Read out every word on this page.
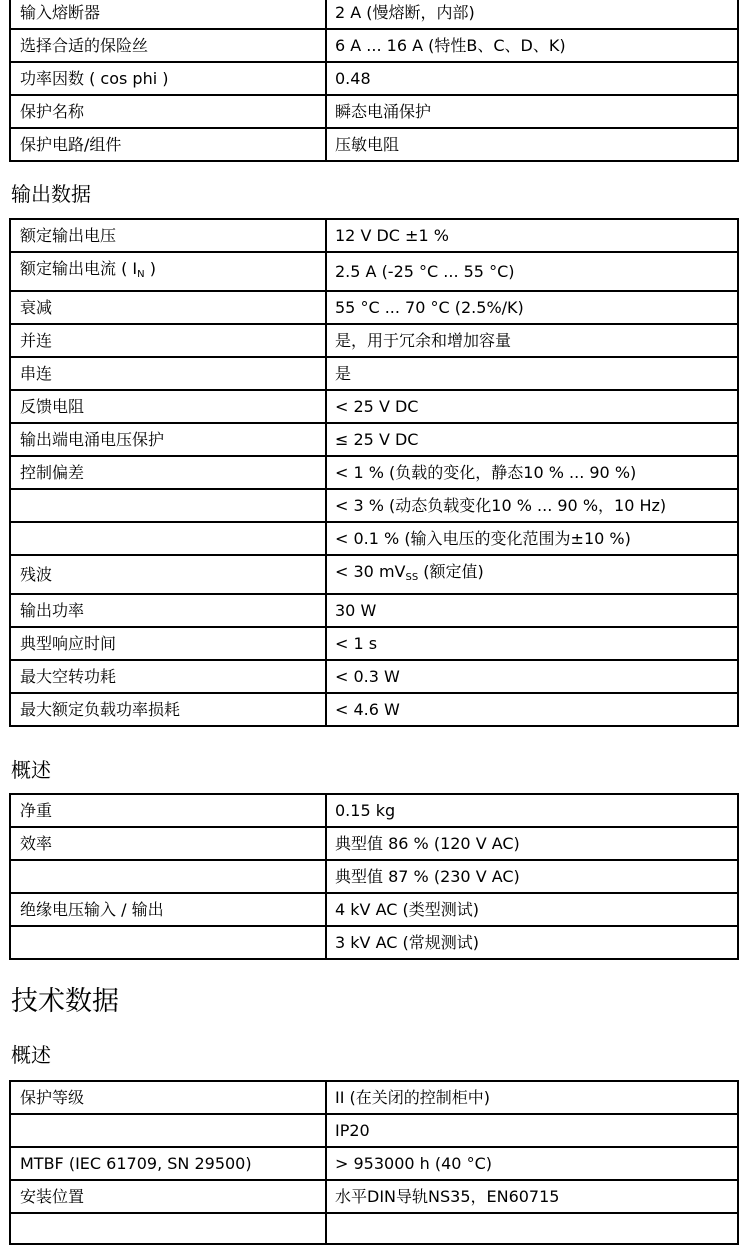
输入熔断器	2 A (慢熔断，内部)
选择合适的保险丝	6 A ... 16 A (特性B、C、D、K)
功率因数 ( cos phi )	0.48
保护名称	瞬态电涌保护
保护电路/组件	压敏电阻
输出数据
额定输出电压	12 V DC ±1 %
额定输出电流 ( $I_N$ )	2.5 A (-25 °C ... 55 °C)
衰减	55 °C ... 70 °C (2.5%/K)
并连	是，用于冗余和增加容量
串连	是
反馈电阻	< 25 V DC
输出端电涌电压保护	≤ 25 V DC
控制偏差	< 1 % (负载的变化，静态10 % ... 90 %)
	< 3 % (动态负载变化10 % ... 90 %，10 Hz)
	< 0.1 % (输入电压的变化范围为±10 %)
残波	< 30 $mV_{SS}$ (额定值)
输出功率	30 W
典型响应时间	< 1 s
最大空转功耗	< 0.3 W
最大额定负载功率损耗	< 4.6 W
概述
净重	0.15 kg
效率	典型值 86 % (120 V AC)
	典型值 87 % (230 V AC)
绝缘电压输入 / 输出	4 kV AC (类型测试)
	3 kV AC (常规测试)
技术数据
概述
保护等级	II (在关闭的控制柜中)
	IP20
MTBF (IEC 61709, SN 29500)	> 953000 h (40 °C)
安装位置	水平DIN导轨NS35，EN60715
